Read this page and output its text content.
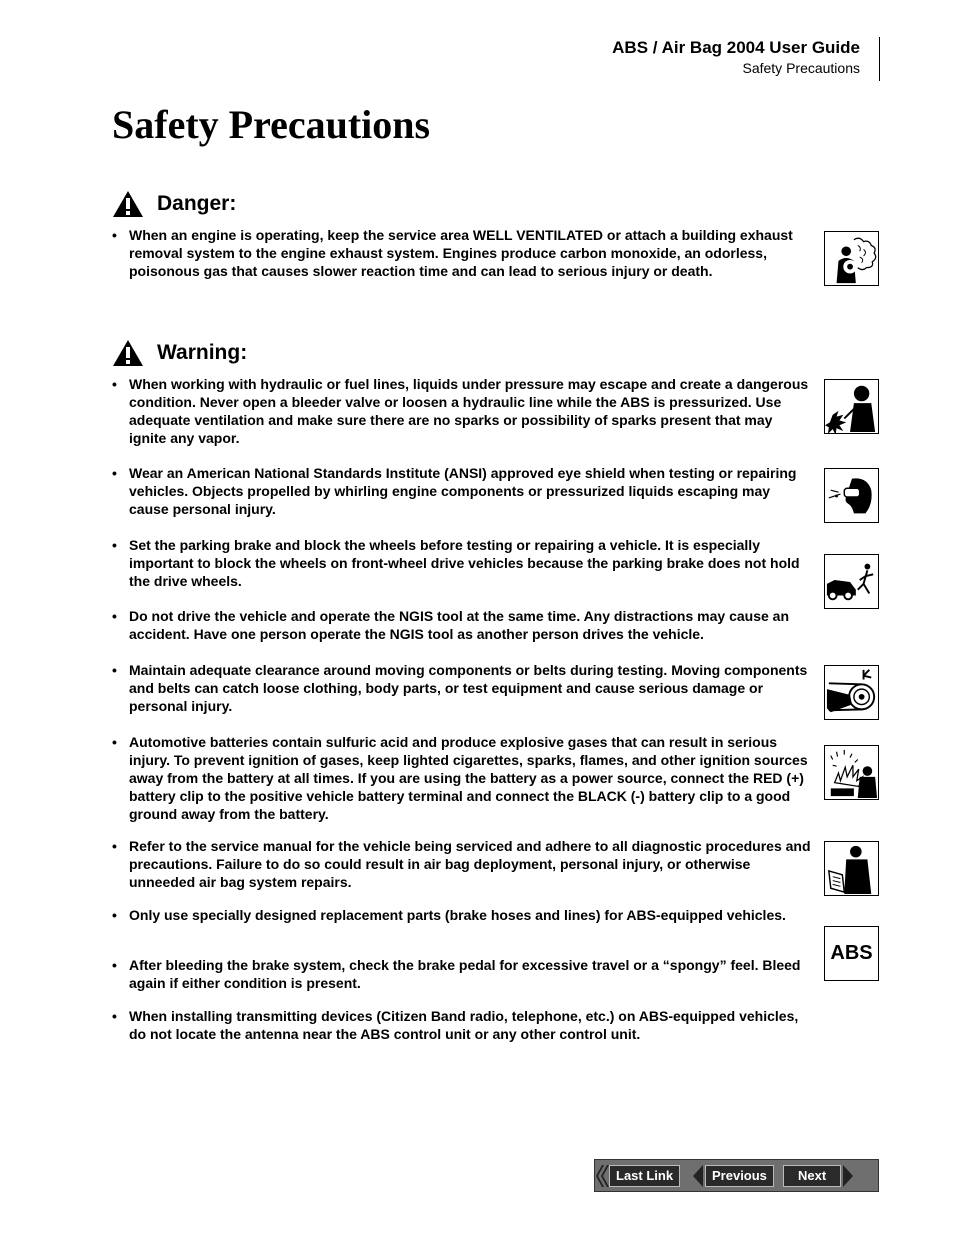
ABS / Air Bag 2004 User Guide
Safety Precautions
Safety Precautions
Danger:
• When an engine is operating, keep the service area WELL VENTILATED or attach a building exhaust removal system to the engine exhaust system. Engines produce carbon monoxide, an odorless, poisonous gas that causes slower reaction time and can lead to serious injury or death.
Warning:
• When working with hydraulic or fuel lines, liquids under pressure may escape and create a dangerous condition. Never open a bleeder valve or loosen a hydraulic line while the ABS is pressurized. Use adequate ventilation and make sure there are no sparks or possibility of sparks present that may ignite any vapor.
• Wear an American National Standards Institute (ANSI) approved eye shield when testing or repairing vehicles. Objects propelled by whirling engine components or pressurized liquids escaping may cause personal injury.
• Set the parking brake and block the wheels before testing or repairing a vehicle. It is especially important to block the wheels on front-wheel drive vehicles because the parking brake does not hold the drive wheels.
• Do not drive the vehicle and operate the NGIS tool at the same time. Any distractions may cause an accident. Have one person operate the NGIS tool as another person drives the vehicle.
• Maintain adequate clearance around moving components or belts during testing. Moving components and belts can catch loose clothing, body parts, or test equipment and cause serious damage or personal injury.
• Automotive batteries contain sulfuric acid and produce explosive gases that can result in serious injury. To prevent ignition of gases, keep lighted cigarettes, sparks, flames, and other ignition sources away from the battery at all times. If you are using the battery as a power source, connect the RED (+) battery clip to the positive vehicle battery terminal and connect the BLACK (-) battery clip to a good ground away from the battery.
• Refer to the service manual for the vehicle being serviced and adhere to all diagnostic procedures and precautions. Failure to do so could result in air bag deployment, personal injury, or otherwise unneeded air bag system repairs.
• Only use specially designed replacement parts (brake hoses and lines) for ABS-equipped vehicles.
• After bleeding the brake system, check the brake pedal for excessive travel or a “spongy” feel. Bleed again if either condition is present.
• When installing transmitting devices (Citizen Band radio, telephone, etc.) on ABS-equipped vehicles, do not locate the antenna near the ABS control unit or any other control unit.
ABS
Last Link	Previous	Next
